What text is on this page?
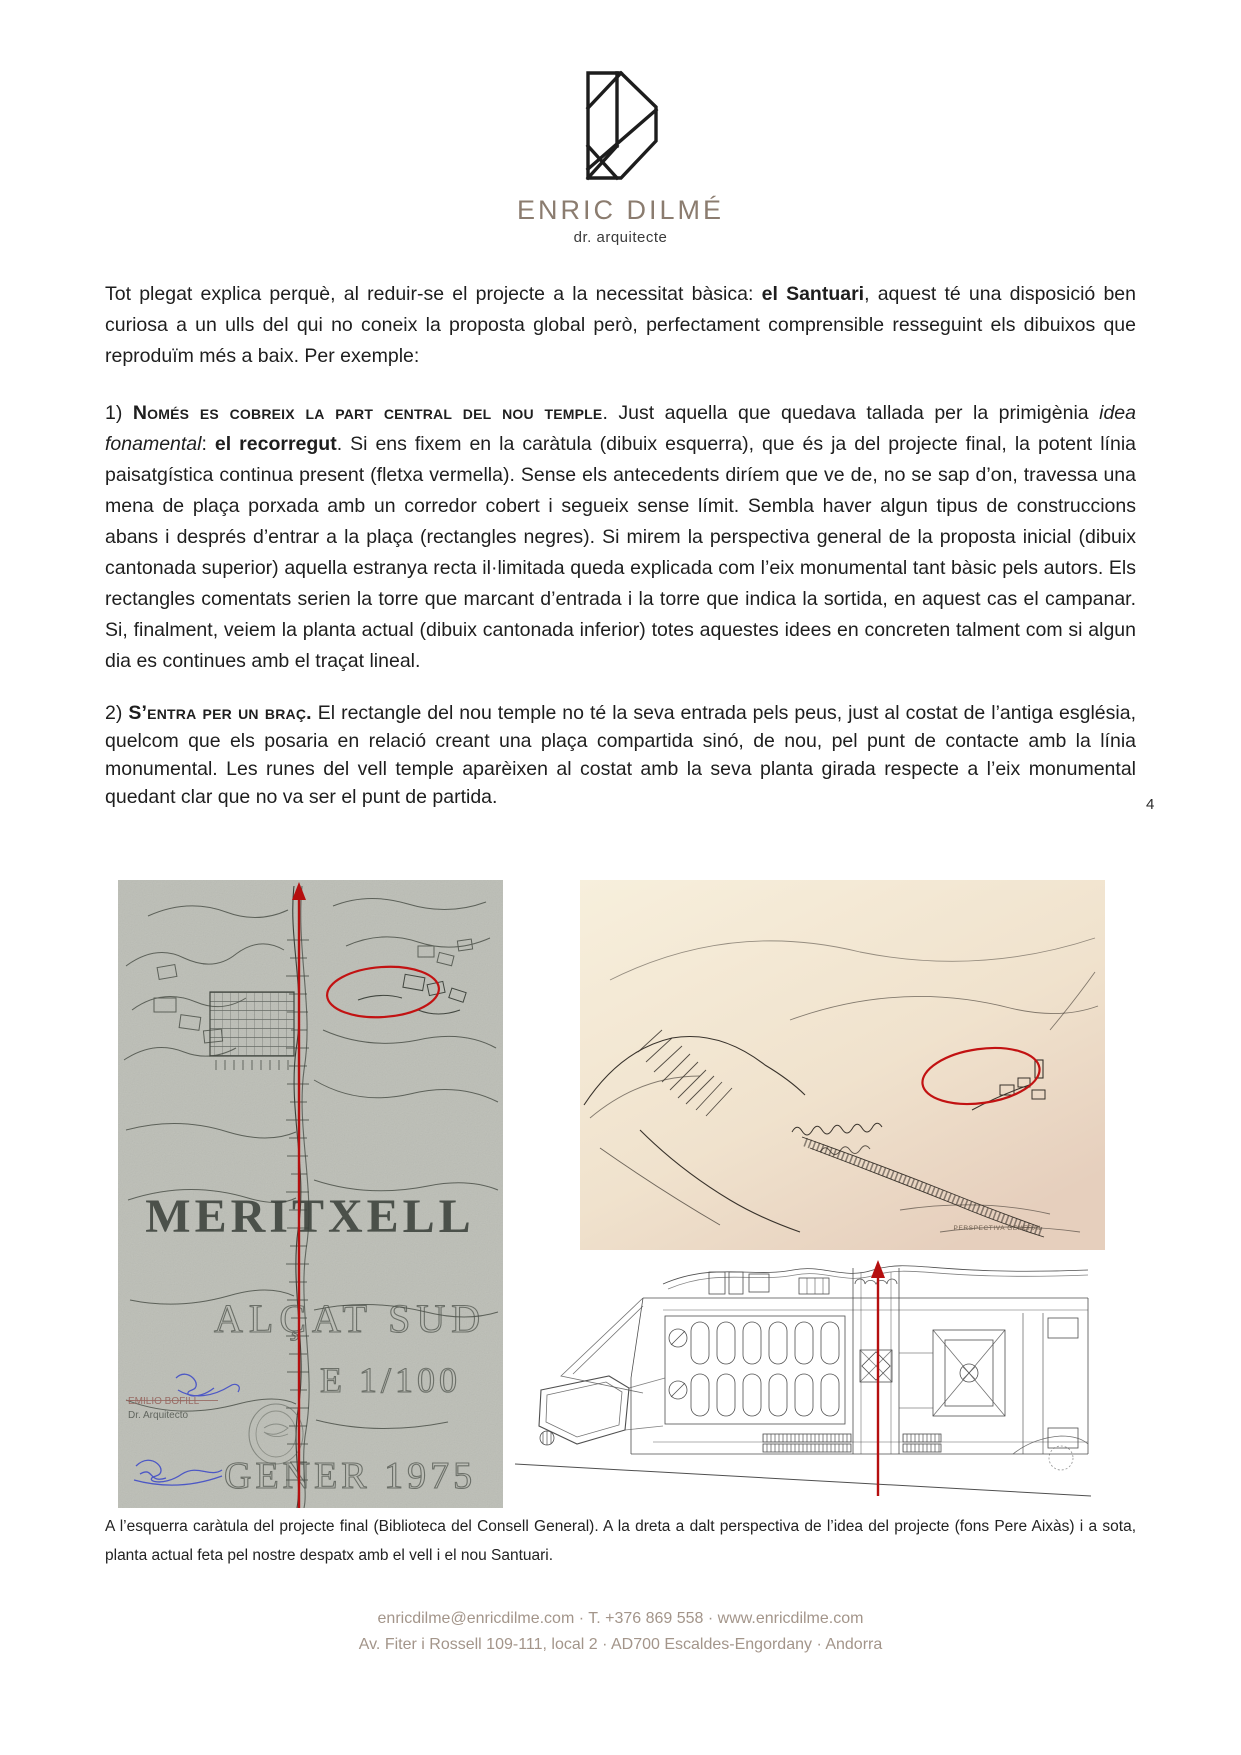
ENRIC DILMÉ
dr. arquitecte

Tot plegat explica perquè, al reduir-se el projecte a la necessitat bàsica: el Santuari, aquest té una disposició ben curiosa a un ulls del qui no coneix la proposta global però, perfectament comprensible resseguint els dibuixos que reproduïm més a baix. Per exemple:

1) Només es cobreix la part central del nou temple. Just aquella que quedava tallada per la primigènia idea fonamental: el recorregut. Si ens fixem en la caràtula (dibuix esquerra), que és ja del projecte final, la potent línia paisatgística continua present (fletxa vermella). Sense els antecedents diríem que ve de, no se sap d’on, travessa una mena de plaça porxada amb un corredor cobert i segueix sense límit. Sembla haver algun tipus de construccions abans i després d’entrar a la plaça (rectangles negres). Si mirem la perspectiva general de la proposta inicial (dibuix cantonada superior) aquella estranya recta il·limitada queda explicada com l’eix monumental tant bàsic pels autors. Els rectangles comentats serien la torre que marcant d’entrada i la torre que indica la sortida, en aquest cas el campanar. Si, finalment, veiem la planta actual (dibuix cantonada inferior) totes aquestes idees en concreten talment com si algun dia es continues amb el traçat lineal.

2) S’entra per un braç. El rectangle del nou temple no té la seva entrada pels peus, just al costat de l’antiga església, quelcom que els posaria en relació creant una plaça compartida sinó, de nou, pel punt de contacte amb la línia monumental. Les runes del vell temple aparèixen al costat amb la seva planta girada respecte a l’eix monumental quedant clar que no va ser el punt de partida.	4
MERITXELL
ALÇAT SUD
E 1/100
GENER 1975
EMILIO BOFILL
Dr. Arquitecto
PERSPECTIVA GENERAL
A l’esquerra caràtula del projecte final (Biblioteca del Consell General). A la dreta a dalt perspectiva de l’idea del projecte (fons Pere Aixàs) i a sota, planta actual feta pel nostre despatx amb el vell i el nou Santuari.
enricdilme@enricdilme.com · T. +376 869 558 · www.enricdilme.com
Av. Fiter i Rossell 109-111, local 2 · AD700 Escaldes-Engordany · Andorra
